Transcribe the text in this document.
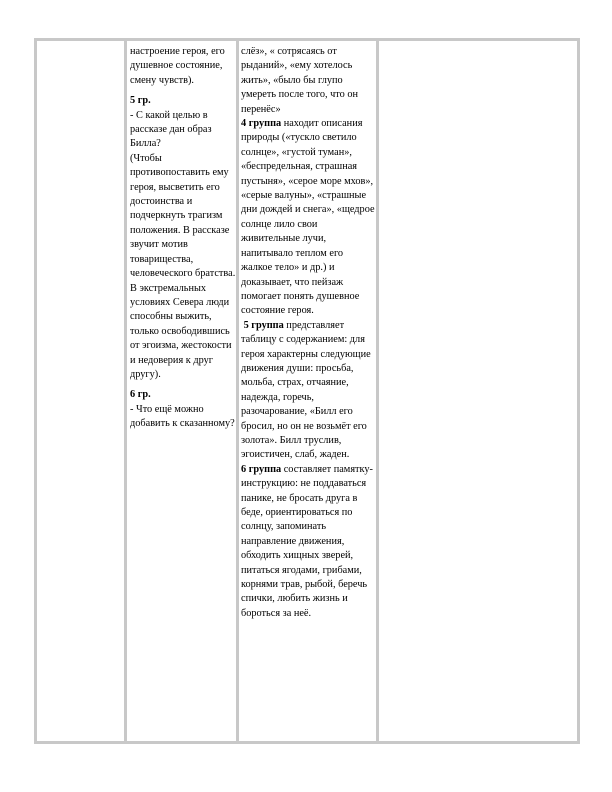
настроение героя, его душевное состояние, смену чувств).

5 гр.
- С какой целью в рассказе дан образ Билла?

(Чтобы противопоставить ему героя, высветить его достоинства и подчеркнуть трагизм положения. В рассказе звучит мотив товарищества, человеческого братства. В экстремальных условиях Севера люди способны выжить, только освободившись от эгоизма, жестокости и недоверия к друг другу).

6 гр.
- Что ещё можно добавить к сказанному?

слёз», « сотрясаясь от рыданий», «ему хотелось жить», «было бы глупо умереть после того, что он перенёс»

4 группа находит описания природы («тускло светило солнце», «густой туман», «беспредельная, страшная пустыня», «серое море мхов», «серые валуны», «страшные дни дождей и снега», «щедрое солнце лило свои живительные лучи, напитывало теплом его жалкое тело» и др.) и доказывает, что пейзаж помогает понять душевное состояние героя.

5 группа представляет таблицу с содержанием: для героя характерны следующие движения души: просьба, мольба, страх, отчаяние, надежда, горечь, разочарование, «Билл его бросил, но он не возьмёт его золота». Билл труслив, эгоистичен, слаб, жаден.

6 группа составляет памятку-инструкцию: не поддаваться панике, не бросать друга в беде, ориентироваться по солнцу, запоминать направление движения, обходить хищных зверей, питаться ягодами, грибами, корнями трав, рыбой, беречь спички, любить жизнь и бороться за неё.
